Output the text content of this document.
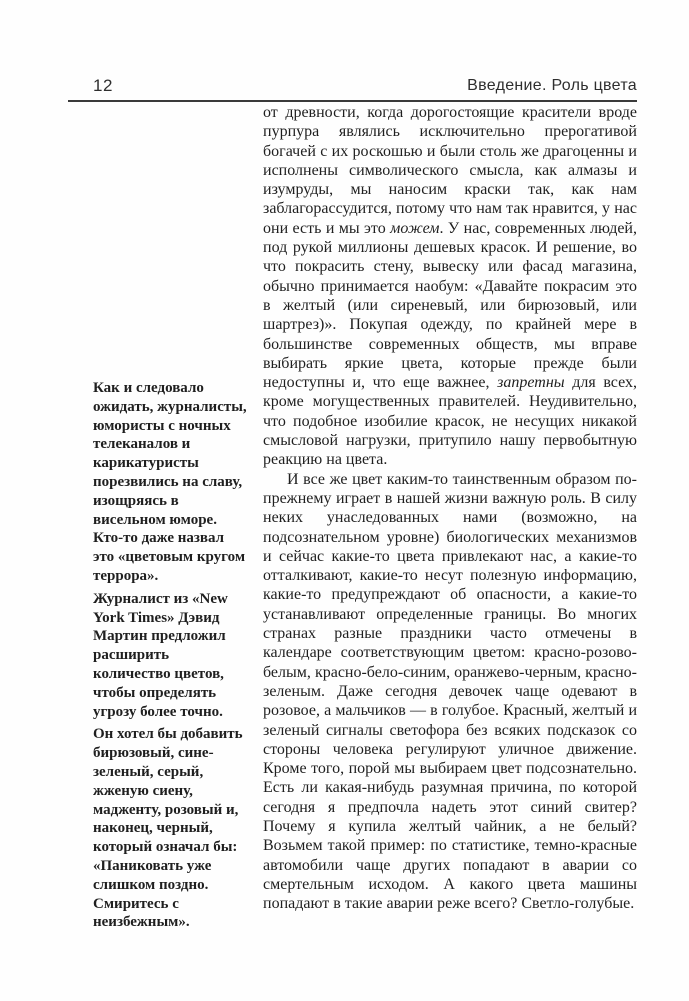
12	Введение. Роль цвета

Как и следовало ожидать, журналисты, юмористы с ночных телеканалов и карикатуристы порезвились на славу, изощряясь в висельном юморе. Кто-то даже назвал это «цветовым кругом террора».

Журналист из «New York Times» Дэвид Мартин предложил расширить количество цветов, чтобы определять угрозу более точно.

Он хотел бы добавить бирюзовый, сине-зеленый, серый, жженую сиену, мадженту, розовый и, наконец, черный, который означал бы: «Паниковать уже слишком поздно. Смиритесь с неизбежным».

от древности, когда дорогостоящие красители вроде пурпура являлись исключительно прерогативой богачей с их роскошью и были столь же драгоценны и исполнены символического смысла, как алмазы и изумруды, мы наносим краски так, как нам заблагорассудится, потому что нам так нравится, у нас они есть и мы это можем. У нас, современных людей, под рукой миллионы дешевых красок. И решение, во что покрасить стену, вывеску или фасад магазина, обычно принимается наобум: «Давайте покрасим это в желтый (или сиреневый, или бирюзовый, или шартрез)». Покупая одежду, по крайней мере в большинстве современных обществ, мы вправе выбирать яркие цвета, которые прежде были недоступны и, что еще важнее, запретны для всех, кроме могущественных правителей. Неудивительно, что подобное изобилие красок, не несущих никакой смысловой нагрузки, притупило нашу первобытную реакцию на цвета.

И все же цвет каким-то таинственным образом по-прежнему играет в нашей жизни важную роль. В силу неких унаследованных нами (возможно, на подсознательном уровне) биологических механизмов и сейчас какие-то цвета привлекают нас, а какие-то отталкивают, какие-то несут полезную информацию, какие-то предупреждают об опасности, а какие-то устанавливают определенные границы. Во многих странах разные праздники часто отмечены в календаре соответствующим цветом: красно-розово-белым, красно-бело-синим, оранжево-черным, красно-зеленым. Даже сегодня девочек чаще одевают в розовое, а мальчиков — в голубое. Красный, желтый и зеленый сигналы светофора без всяких подсказок со стороны человека регулируют уличное движение. Кроме того, порой мы выбираем цвет подсознательно. Есть ли какая-нибудь разумная причина, по которой сегодня я предпочла надеть этот синий свитер? Почему я купила желтый чайник, а не белый? Возьмем такой пример: по статистике, темно-красные автомобили чаще других попадают в аварии со смертельным исходом. А какого цвета машины попадают в такие аварии реже всего? Светло-голубые.
